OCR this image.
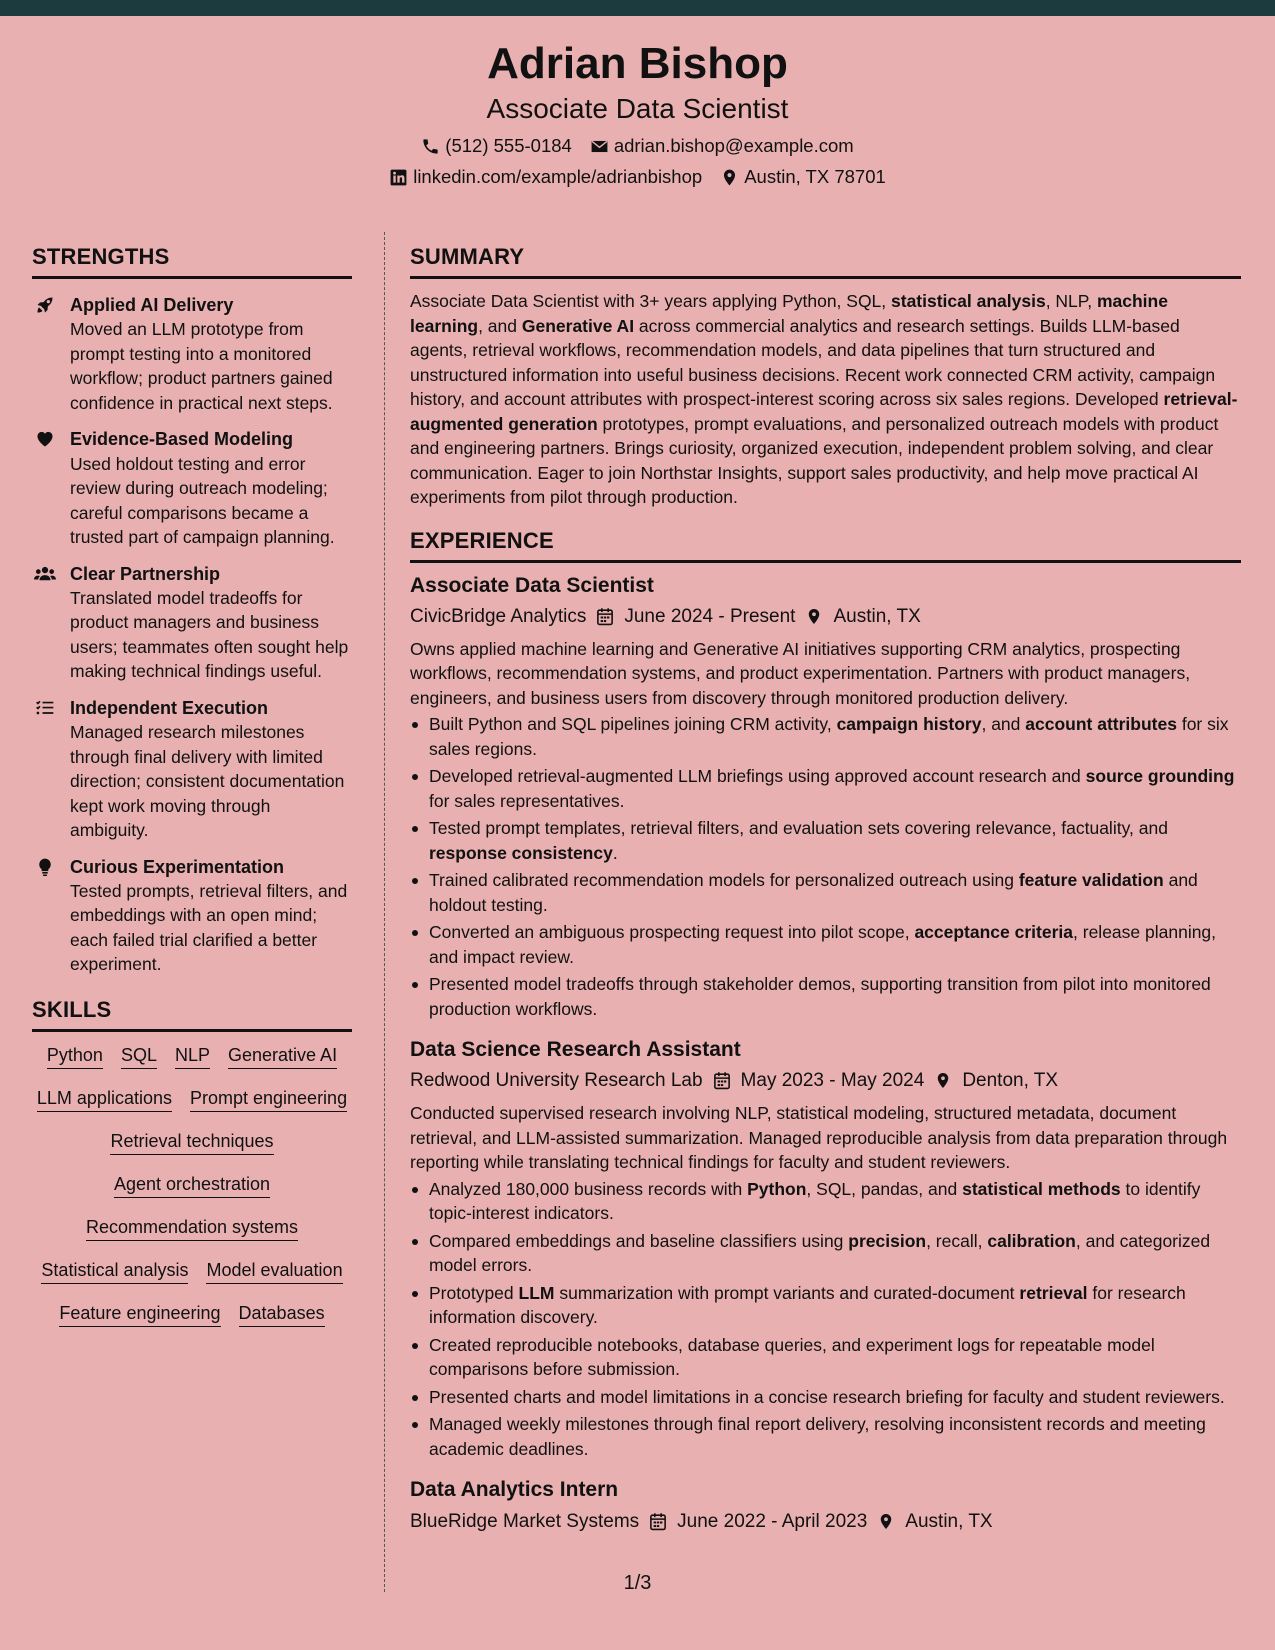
Adrian Bishop
Associate Data Scientist
(512) 555-0184 adrian.bishop@example.com
linkedin.com/example/adrianbishop Austin, TX 78701
STRENGTHS
Applied AI Delivery
Moved an LLM prototype from prompt testing into a monitored workflow; product partners gained confidence in practical next steps.
Evidence-Based Modeling
Used holdout testing and error review during outreach modeling; careful comparisons became a trusted part of campaign planning.
Clear Partnership
Translated model tradeoffs for product managers and business users; teammates often sought help making technical findings useful.
Independent Execution
Managed research milestones through final delivery with limited direction; consistent documentation kept work moving through ambiguity.
Curious Experimentation
Tested prompts, retrieval filters, and embeddings with an open mind; each failed trial clarified a better experiment.
SKILLS
Python SQL NLP Generative AI
LLM applications Prompt engineering
Retrieval techniques
Agent orchestration
Recommendation systems
Statistical analysis Model evaluation
Feature engineering Databases
SUMMARY
Associate Data Scientist with 3+ years applying Python, SQL, statistical analysis, NLP, machine learning, and Generative AI across commercial analytics and research settings. Builds LLM-based agents, retrieval workflows, recommendation models, and data pipelines that turn structured and unstructured information into useful business decisions. Recent work connected CRM activity, campaign history, and account attributes with prospect-interest scoring across six sales regions. Developed retrieval-augmented generation prototypes, prompt evaluations, and personalized outreach models with product and engineering partners. Brings curiosity, organized execution, independent problem solving, and clear communication. Eager to join Northstar Insights, support sales productivity, and help move practical AI experiments from pilot through production.
EXPERIENCE
Associate Data Scientist
CivicBridge Analytics June 2024 - Present Austin, TX
Owns applied machine learning and Generative AI initiatives supporting CRM analytics, prospecting workflows, recommendation systems, and product experimentation. Partners with product managers, engineers, and business users from discovery through monitored production delivery.
Built Python and SQL pipelines joining CRM activity, campaign history, and account attributes for six sales regions.
Developed retrieval-augmented LLM briefings using approved account research and source grounding for sales representatives.
Tested prompt templates, retrieval filters, and evaluation sets covering relevance, factuality, and response consistency.
Trained calibrated recommendation models for personalized outreach using feature validation and holdout testing.
Converted an ambiguous prospecting request into pilot scope, acceptance criteria, release planning, and impact review.
Presented model tradeoffs through stakeholder demos, supporting transition from pilot into monitored production workflows.
Data Science Research Assistant
Redwood University Research Lab May 2023 - May 2024 Denton, TX
Conducted supervised research involving NLP, statistical modeling, structured metadata, document retrieval, and LLM-assisted summarization. Managed reproducible analysis from data preparation through reporting while translating technical findings for faculty and student reviewers.
Analyzed 180,000 business records with Python, SQL, pandas, and statistical methods to identify topic-interest indicators.
Compared embeddings and baseline classifiers using precision, recall, calibration, and categorized model errors.
Prototyped LLM summarization with prompt variants and curated-document retrieval for research information discovery.
Created reproducible notebooks, database queries, and experiment logs for repeatable model comparisons before submission.
Presented charts and model limitations in a concise research briefing for faculty and student reviewers.
Managed weekly milestones through final report delivery, resolving inconsistent records and meeting academic deadlines.
Data Analytics Intern
BlueRidge Market Systems June 2022 - April 2023 Austin, TX
1/3
